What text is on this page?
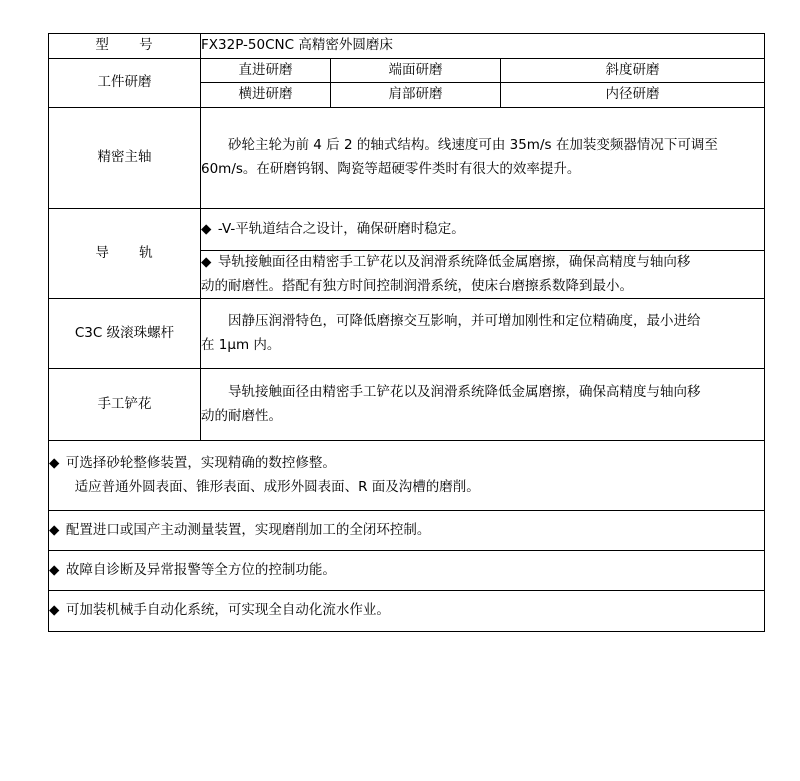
型　　号	FX32P-50CNC 高精密外圆磨床		
工件研磨	直进研磨	端面研磨	斜度研磨
	横进研磨	肩部研磨	内径研磨
精密主轴	砂轮主轮为前 4 后 2 的轴式结构。线速度可由 35m/s 在加装变频器情况下可调至
60m/s。在研磨钨钢、陶瓷等超硬零件类时有很大的效率提升。		
导　　轨	◆ -V-平轨道结合之设计，确保研磨时稳定。		

	◆ 导轨接触面径由精密手工铲花以及润滑系统降低金属磨擦，确保高精度与轴向移
动的耐磨性。搭配有独方时间控制润滑系统，使床台磨擦系数降到最小。		

C3C 级滚珠螺杆	因静压润滑特色，可降低磨擦交互影响，并可增加刚性和定位精确度，最小进给
在 1μm 内。		
手工铲花	导轨接触面径由精密手工铲花以及润滑系统降低金属磨擦，确保高精度与轴向移
动的耐磨性。		

◆ 可选择砂轮整修装置，实现精确的数控修整。
适应普通外圆表面、锥形表面、成形外圆表面、R 面及沟槽的磨削。			

◆ 配置进口或国产主动测量装置，实现磨削加工的全闭环控制。			

◆ 故障自诊断及异常报警等全方位的控制功能。			

◆ 可加装机械手自动化系统，可实现全自动化流水作业。			
